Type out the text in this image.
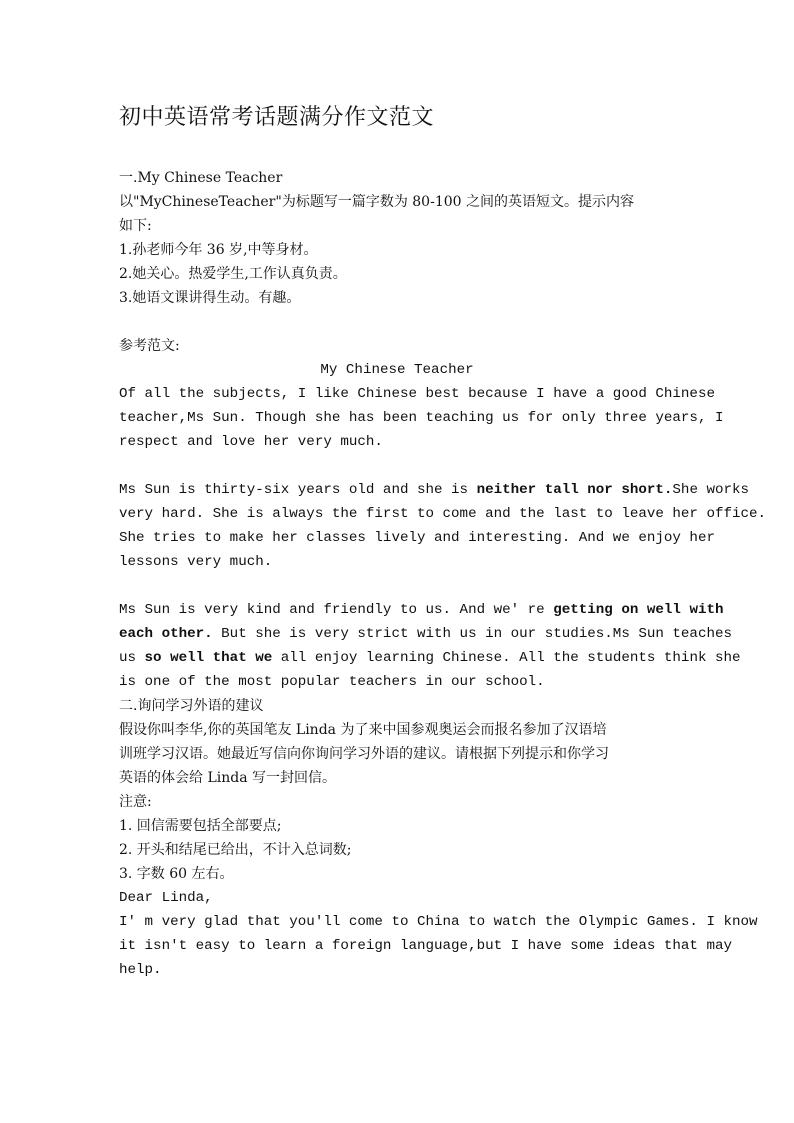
初中英语常考话题满分作文范文
一.My Chinese Teacher
以"MyChineseTeacher"为标题写一篇字数为 80-100 之间的英语短文。提示内容
如下:
1.孙老师今年 36 岁,中等身材。
2.她关心。热爱学生,工作认真负责。
3.她语文课讲得生动。有趣。
参考范文:
My Chinese Teacher
Of all the subjects, I like Chinese best because I have a good Chinese
teacher,Ms Sun. Though she has been teaching us for only three years, I
respect and love her very much.
Ms Sun is thirty-six years old and she is neither tall nor short.She works
very hard. She is always the first to come and the last to leave her office.
She tries to make her classes lively and interesting. And we enjoy her
lessons very much.
Ms Sun is very kind and friendly to us. And we' re getting on well with
each other. But she is very strict with us in our studies.Ms Sun teaches
us so well that we all enjoy learning Chinese. All the students think she
is one of the most popular teachers in our school.
二.询问学习外语的建议
假设你叫李华,你的英国笔友 Linda 为了来中国参观奥运会而报名参加了汉语培
训班学习汉语。她最近写信向你询问学习外语的建议。请根据下列提示和你学习
英语的体会给 Linda 写一封回信。
注意:
1. 回信需要包括全部要点;
2. 开头和结尾已给出，不计入总词数;
3. 字数 60 左右。
Dear Linda,
I' m very glad that you'll come to China to watch the Olympic Games. I know
it isn't easy to learn a foreign language,but I have some ideas that may
help.
